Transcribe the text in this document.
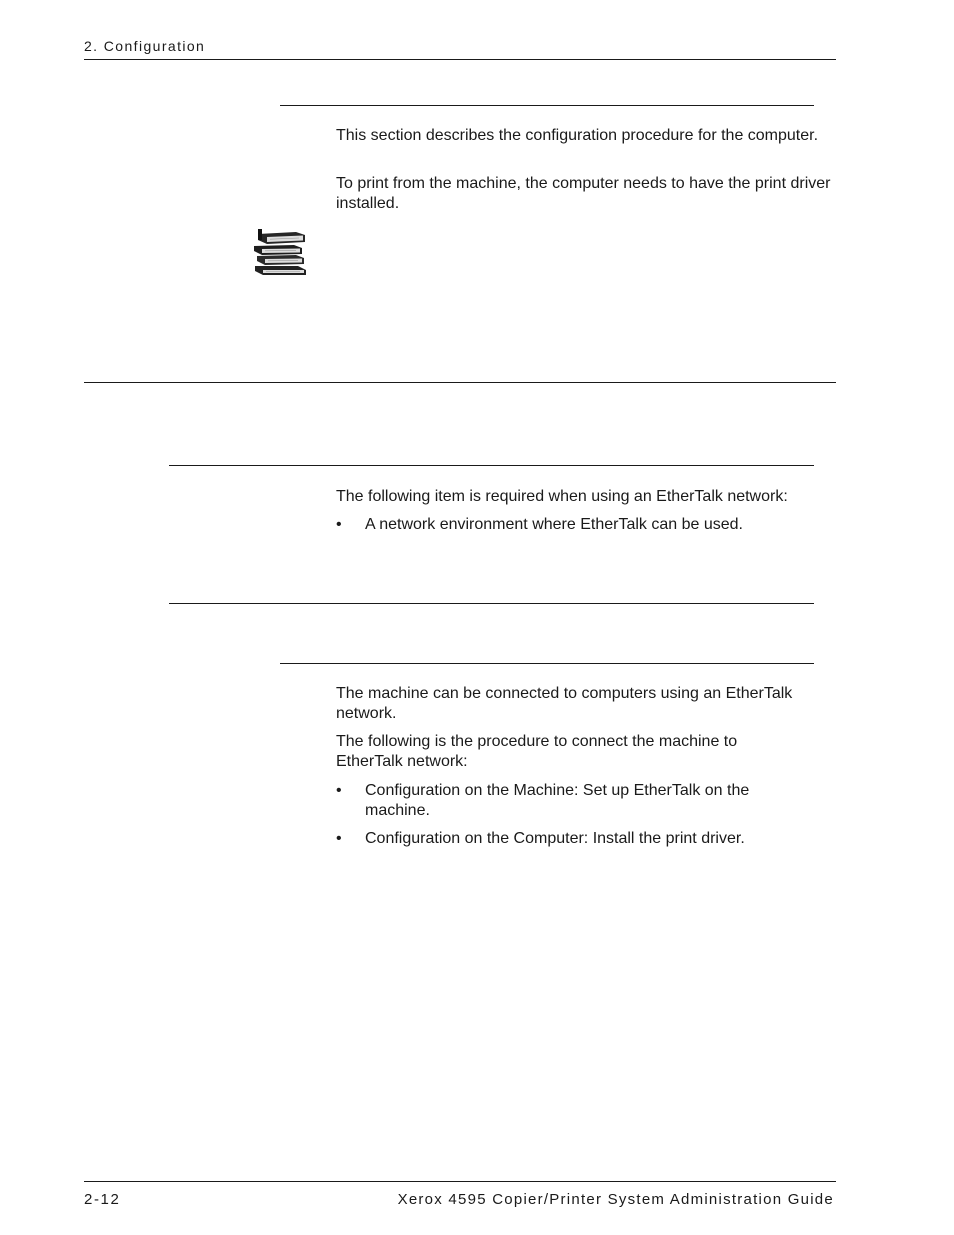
2. Configuration

This section describes the configuration procedure for the computer.

To print from the machine, the computer needs to have the print driver installed.

The following item is required when using an EtherTalk network:

• A network environment where EtherTalk can be used.

The machine can be connected to computers using an EtherTalk network.

The following is the procedure to connect the machine to EtherTalk network:

• Configuration on the Machine: Set up EtherTalk on the machine.
• Configuration on the Computer: Install the print driver.
2-12	Xerox 4595 Copier/Printer System Administration Guide
